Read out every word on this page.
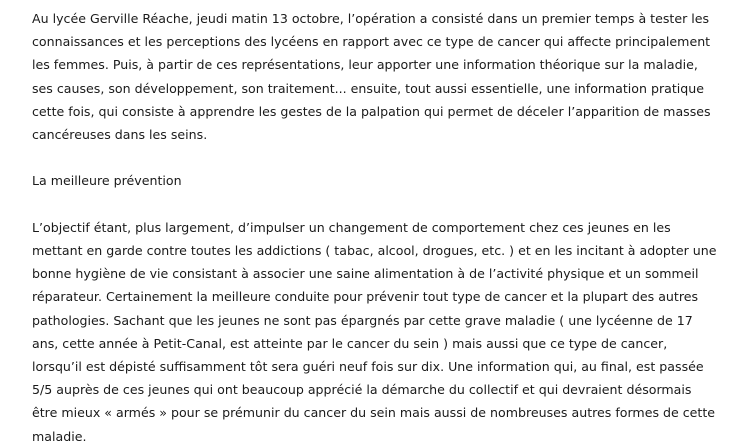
Au lycée Gerville Réache, jeudi matin 13 octobre, l’opération a consisté dans un premier temps à tester les connaissances et les perceptions des lycéens en rapport avec ce type de cancer qui affecte principalement les femmes. Puis, à partir de ces représentations, leur apporter une information théorique sur la maladie, ses causes, son développement, son traitement... ensuite, tout aussi essentielle, une information pratique cette fois, qui consiste à apprendre les gestes de la palpation qui permet de déceler l’apparition de masses cancéreuses dans les seins.

La meilleure prévention

L’objectif étant, plus largement, d’impulser un changement de comportement chez ces jeunes en les mettant en garde contre toutes les addictions ( tabac, alcool, drogues, etc. ) et en les incitant à adopter une bonne hygiène de vie consistant à associer une saine alimentation à de l’activité physique et un sommeil réparateur. Certainement la meilleure conduite pour prévenir tout type de cancer et la plupart des autres pathologies. Sachant que les jeunes ne sont pas épargnés par cette grave maladie ( une lycéenne de 17 ans, cette année à Petit-Canal, est atteinte par le cancer du sein ) mais aussi que ce type de cancer, lorsqu’il est dépisté suffisamment tôt sera guéri neuf fois sur dix. Une information qui, au final, est passée 5/5 auprès de ces jeunes qui ont beaucoup apprécié la démarche du collectif et qui devraient désormais être mieux « armés » pour se prémunir du cancer du sein mais aussi de nombreuses autres formes de cette maladie.
